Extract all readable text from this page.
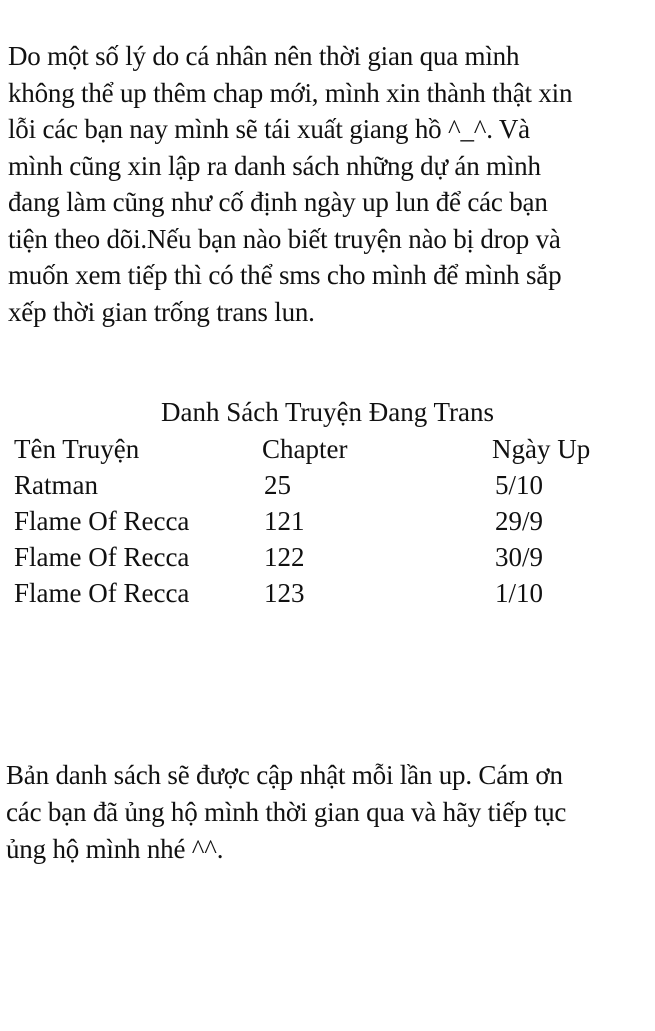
Do một số lý do cá nhân nên thời gian qua mình
không thể up thêm chap mới, mình xin thành thật xin
lỗi các bạn nay mình sẽ tái xuất giang hồ ^_^. Và
mình cũng xin lập ra danh sách những dự án mình
đang làm cũng như cố định ngày up lun để các bạn
tiện theo dõi.Nếu bạn nào biết truyện nào bị drop và
muốn xem tiếp thì có thể sms cho mình để mình sắp
xếp thời gian trống trans lun.

Danh Sách Truyện Đang Trans
Tên Truyện	Chapter	Ngày Up
Ratman	25	5/10
Flame Of Recca	121	29/9
Flame Of Recca	122	30/9
Flame Of Recca	123	1/10

Bản danh sách sẽ được cập nhật mỗi lần up. Cám ơn
các bạn đã ủng hộ mình thời gian qua và hãy tiếp tục
ủng hộ mình nhé ^^.
